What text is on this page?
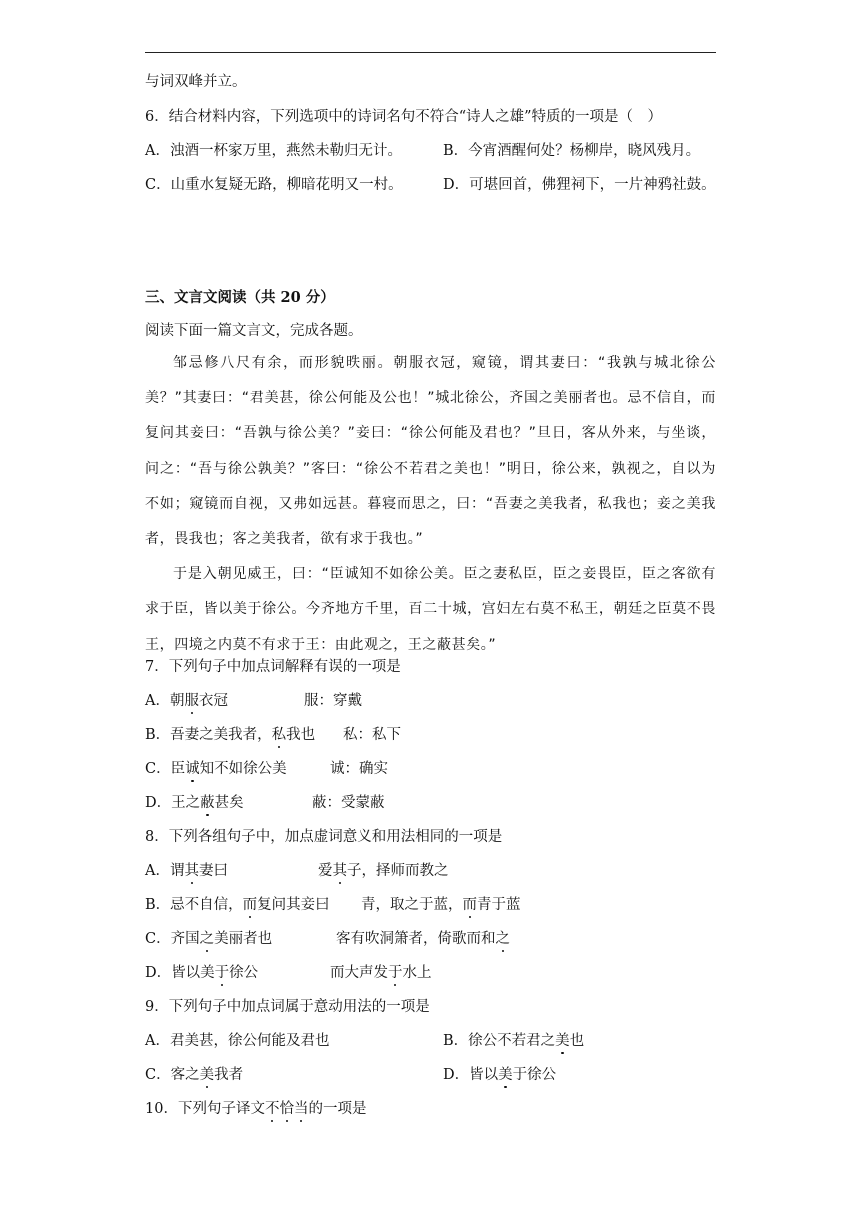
与词双峰并立。
6．结合材料内容，下列选项中的诗词名句不符合“诗人之雄”特质的一项是（　）
A．浊酒一杯家万里，燕然未勒归无计。	B．今宵酒醒何处？杨柳岸，晓风残月。
C．山重水复疑无路，柳暗花明又一村。	D．可堪回首，佛狸祠下，一片神鸦社鼓。
三、文言文阅读（共 20 分）
阅读下面一篇文言文，完成各题。

邹忌修八尺有余，而形貌昳丽。朝服衣冠，窥镜，谓其妻曰：“我孰与城北徐公美？”其妻曰：“君美甚，徐公何能及公也！”城北徐公，齐国之美丽者也。忌不信自，而复问其妾曰：“吾孰与徐公美？”妾曰：“徐公何能及君也？”旦日，客从外来，与坐谈，问之：“吾与徐公孰美？”客曰：“徐公不若君之美也！”明日，徐公来，孰视之，自以为不如；窥镜而自视，又弗如远甚。暮寝而思之，曰：“吾妻之美我者，私我也；妾之美我者，畏我也；客之美我者，欲有求于我也。”

于是入朝见威王，曰：“臣诚知不如徐公美。臣之妻私臣，臣之妾畏臣，臣之客欲有求于臣，皆以美于徐公。今齐地方千里，百二十城，宫妇左右莫不私王，朝廷之臣莫不畏王，四境之内莫不有求于王：由此观之，王之蔽甚矣。”

7．下列句子中加点词解释有误的一项是
A．朝服衣冠	服：穿戴
B．吾妻之美我者，私我也 私：私下
C．臣诚知不如徐公美	诚：确实
D．王之蔽甚矣	蔽：受蒙蔽
8．下列各组句子中，加点虚词意义和用法相同的一项是
A．谓其妻曰	爱其子，择师而教之
B．忌不自信，而复问其妾曰 青，取之于蓝，而青于蓝
C．齐国之美丽者也	客有吹洞箫者，倚歌而和之
D．皆以美于徐公	而大声发于水上
9．下列句子中加点词属于意动用法的一项是
A．君美甚，徐公何能及君也	B．徐公不若君之美也
C．客之美我者	D．皆以美于徐公
10．下列句子译文不恰当的一项是
